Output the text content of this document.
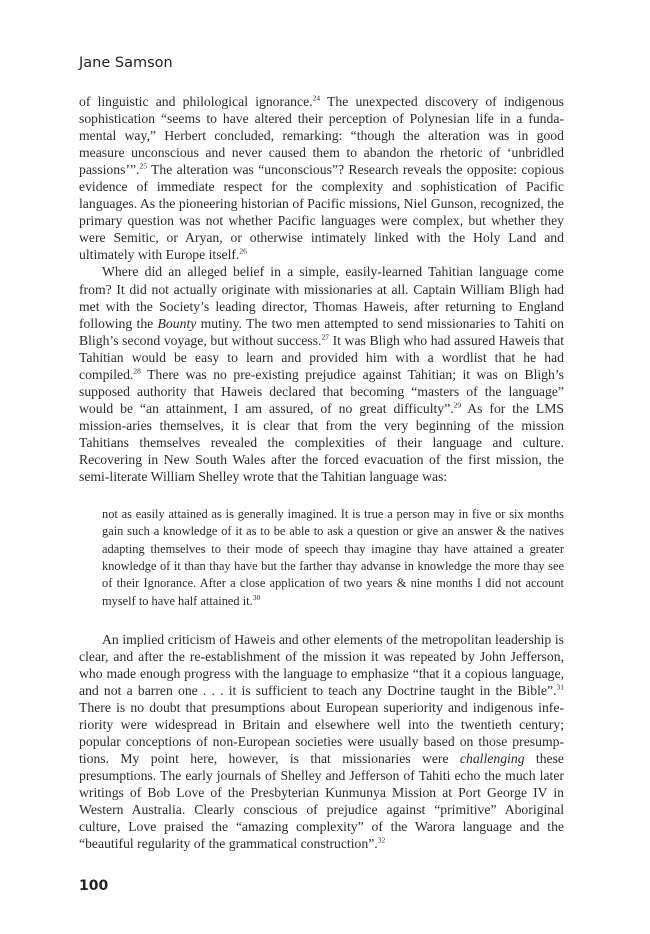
Jane Samson

of linguistic and philological ignorance.$^{24}$ The unexpected discovery of indigenous sophistication “seems to have altered their perception of Polynesian life in a funda-mental way,” Herbert concluded, remarking: “though the alteration was in good measure unconscious and never caused them to abandon the rhetoric of ‘unbridled passions’”.$^{25}$ The alteration was “unconscious”? Research reveals the opposite: copious evidence of immediate respect for the complexity and sophistication of Pacific languages. As the pioneering historian of Pacific missions, Niel Gunson, recognized, the primary question was not whether Pacific languages were complex, but whether they were Semitic, or Aryan, or otherwise intimately linked with the Holy Land and ultimately with Europe itself.$^{26}$

Where did an alleged belief in a simple, easily-learned Tahitian language come from? It did not actually originate with missionaries at all. Captain William Bligh had met with the Society’s leading director, Thomas Haweis, after returning to England following the Bounty mutiny. The two men attempted to send missionaries to Tahiti on Bligh’s second voyage, but without success.$^{27}$ It was Bligh who had assured Haweis that Tahitian would be easy to learn and provided him with a wordlist that he had compiled.$^{28}$ There was no pre-existing prejudice against Tahitian; it was on Bligh’s supposed authority that Haweis declared that becoming “masters of the language” would be “an attainment, I am assured, of no great difficulty”.$^{29}$ As for the LMS mission-aries themselves, it is clear that from the very beginning of the mission Tahitians themselves revealed the complexities of their language and culture. Recovering in New South Wales after the forced evacuation of the first mission, the semi-literate William Shelley wrote that the Tahitian language was:

not as easily attained as is generally imagined. It is true a person may in five or six months gain such a knowledge of it as to be able to ask a question or give an answer & the natives adapting themselves to their mode of speech thay imagine thay have attained a greater knowledge of it than thay have but the farther thay advanse in knowledge the more thay see of their Ignorance. After a close application of two years & nine months I did not account myself to have half attained it.$^{30}$

An implied criticism of Haweis and other elements of the metropolitan leadership is clear, and after the re-establishment of the mission it was repeated by John Jefferson, who made enough progress with the language to emphasize “that it a copious language, and not a barren one . . . it is sufficient to teach any Doctrine taught in the Bible”.$^{31}$ There is no doubt that presumptions about European superiority and indigenous infe-riority were widespread in Britain and elsewhere well into the twentieth century; popular conceptions of non-European societies were usually based on those presump-tions. My point here, however, is that missionaries were challenging these presumptions. The early journals of Shelley and Jefferson of Tahiti echo the much later writings of Bob Love of the Presbyterian Kunmunya Mission at Port George IV in Western Australia. Clearly conscious of prejudice against “primitive” Aboriginal culture, Love praised the “amazing complexity” of the Warora language and the “beautiful regularity of the grammatical construction”.$^{32}$

100
